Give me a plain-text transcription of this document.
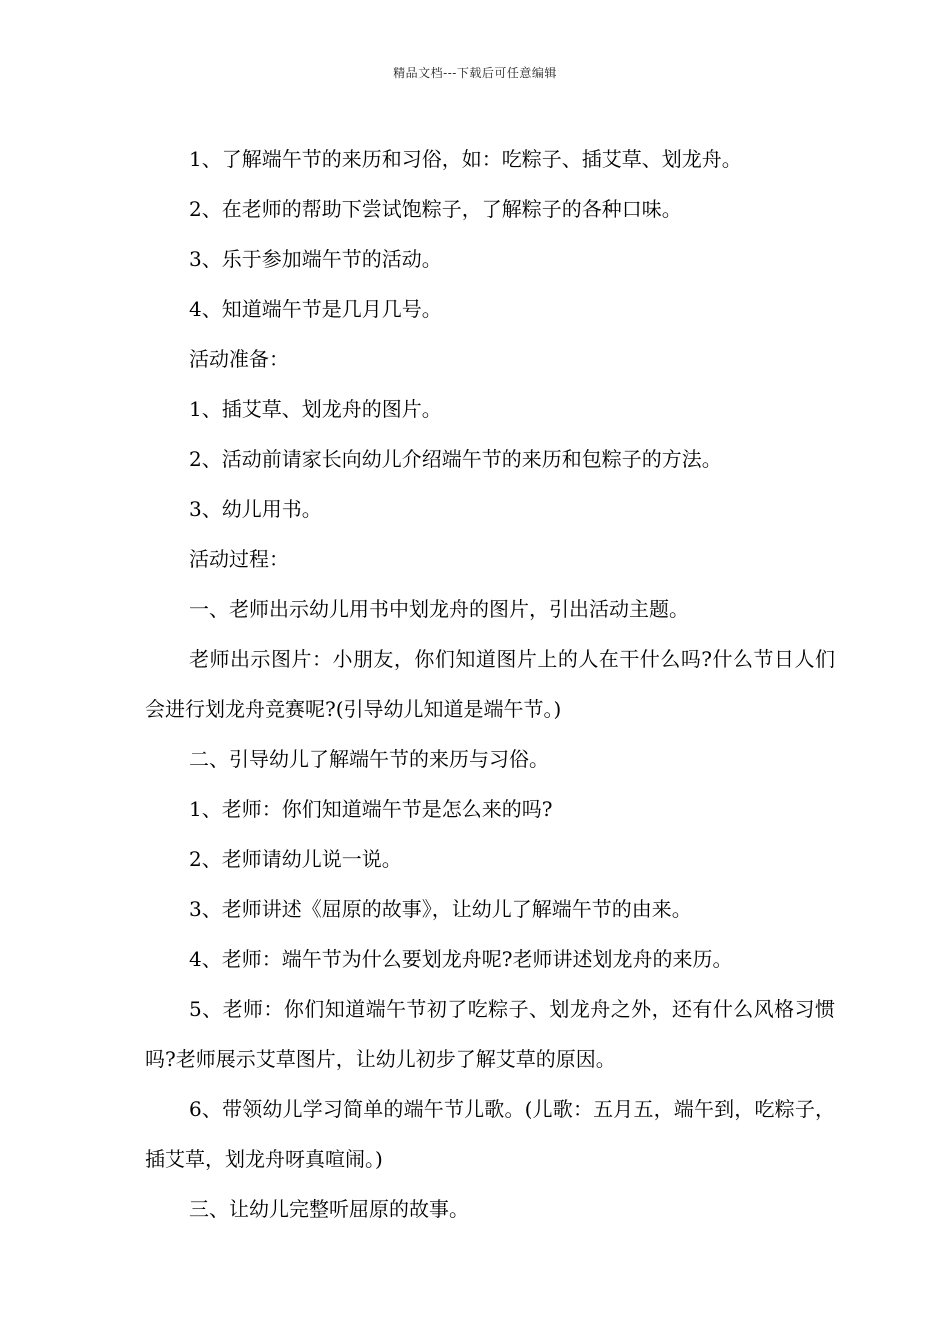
精品文档---下载后可任意编辑

1、了解端午节的来历和习俗，如：吃粽子、插艾草、划龙舟。

2、在老师的帮助下尝试饱粽子，了解粽子的各种口味。

3、乐于参加端午节的活动。

4、知道端午节是几月几号。

活动准备：

1、插艾草、划龙舟的图片。

2、活动前请家长向幼儿介绍端午节的来历和包粽子的方法。

3、幼儿用书。

活动过程：

一、老师出示幼儿用书中划龙舟的图片，引出活动主题。

老师出示图片：小朋友，你们知道图片上的人在干什么吗?什么节日人们会进行划龙舟竞赛呢?(引导幼儿知道是端午节。)

二、引导幼儿了解端午节的来历与习俗。

1、老师：你们知道端午节是怎么来的吗?

2、老师请幼儿说一说。

3、老师讲述《屈原的故事》，让幼儿了解端午节的由来。

4、老师：端午节为什么要划龙舟呢?老师讲述划龙舟的来历。

5、老师：你们知道端午节初了吃粽子、划龙舟之外，还有什么风格习惯吗?老师展示艾草图片，让幼儿初步了解艾草的原因。

6、带领幼儿学习简单的端午节儿歌。(儿歌：五月五，端午到，吃粽子，插艾草，划龙舟呀真喧闹。)

三、让幼儿完整听屈原的故事。
